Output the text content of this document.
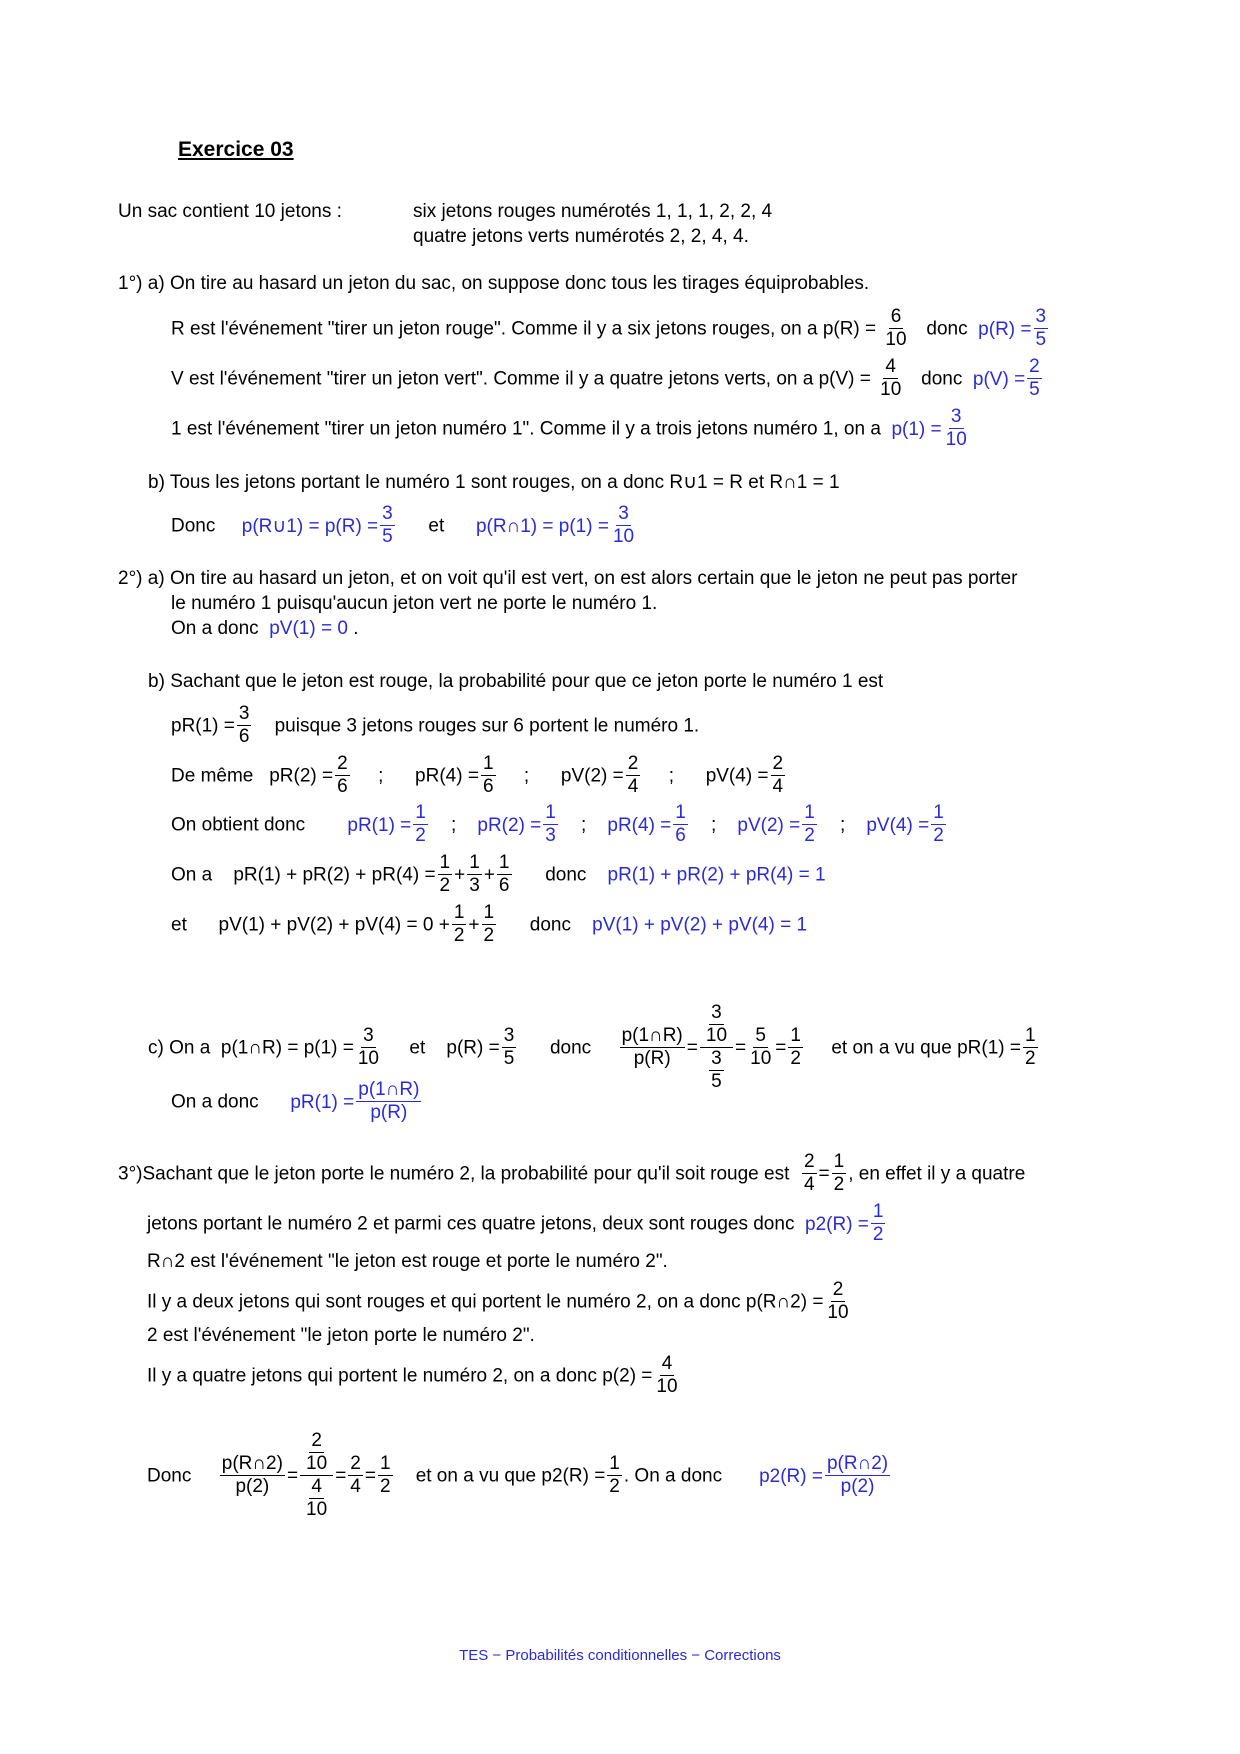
Exercice 03
Un sac contient 10 jetons :	six jetons rouges numérotés 1, 1, 1, 2, 2, 4
quatre jetons verts numérotés 2, 2, 4, 4.
1°) a) On tire au hasard un jeton du sac, on suppose donc tous les tirages équiprobables.
R est l'événement "tirer un jeton rouge". Comme il y a six jetons rouges, on a $p(R) = \frac{6}{10}$ donc $p(R) = \frac{3}{5}$
V est l'événement "tirer un jeton vert". Comme il y a quatre jetons verts, on a $p(V) = \frac{4}{10}$ donc $p(V) = \frac{2}{5}$
1 est l'événement "tirer un jeton numéro 1". Comme il y a trois jetons numéro 1, on a $p(1) = \frac{3}{10}$
b) Tous les jetons portant le numéro 1 sont rouges, on a donc R∪1 = R et R∩1 = 1
Donc p(R∪1) = $p(R) = \frac{3}{5}$ et p(R∩1) = $p(1) = \frac{3}{10}$
2°) a) On tire au hasard un jeton, et on voit qu'il est vert, on est alors certain que le jeton ne peut pas porter
le numéro 1 puisqu'aucun jeton vert ne porte le numéro 1.
On a donc pV(1) = 0 .
b) Sachant que le jeton est rouge, la probabilité pour que ce jeton porte le numéro 1 est
$pR(1) = \frac{3}{6}$ puisque 3 jetons rouges sur 6 portent le numéro 1.
De même $pR(2) = \frac{2}{6}$ ; $pR(4) = \frac{1}{6}$ ; $pV(2) = \frac{2}{4}$ ; $pV(4) = \frac{2}{4}$
On obtient donc $pR(1) = \frac{1}{2}$ ; $pR(2) = \frac{1}{3}$ ; $pR(4) = \frac{1}{6}$ ; $pV(2) = \frac{1}{2}$ ; $pV(4) = \frac{1}{2}$
On a $pR(1) + pR(2) + pR(4) = \frac{1}{2} + \frac{1}{3} + \frac{1}{6}$ donc pR(1) + pR(2) + pR(4) = 1
et $pV(1) + pV(2) + pV(4) = 0 + \frac{1}{2} + \frac{1}{2}$ donc pV(1) + pV(2) + pV(4) = 1
c) On a p(1∩R) = $p(1) = \frac{3}{10}$ et $p(R) = \frac{3}{5}$ donc $\frac{p(1\cap R)}{p(R)} = \frac{\frac{3}{10}}{\frac{3}{5}} = \frac{5}{10} = \frac{1}{2}$ et on a vu que $pR(1) = \frac{1}{2}$
On a donc $pR(1) = \frac{p(1\cap R)}{p(R)}$
3°)Sachant que le jeton porte le numéro 2, la probabilité pour qu'il soit rouge est $\frac{2}{4} = \frac{1}{2}$ , en effet il y a quatre
jetons portant le numéro 2 et parmi ces quatre jetons, deux sont rouges donc $p2(R) = \frac{1}{2}$
R∩2 est l'événement "le jeton est rouge et porte le numéro 2".
Il y a deux jetons qui sont rouges et qui portent le numéro 2, on a donc p(R∩2) = $\frac{2}{10}$
2 est l'événement "le jeton porte le numéro 2".
Il y a quatre jetons qui portent le numéro 2, on a donc $p(2) = \frac{4}{10}$
Donc $\frac{p(R\cap 2)}{p(2)} = \frac{\frac{2}{10}}{\frac{4}{10}} = \frac{2}{4} = \frac{1}{2}$ et on a vu que $p2(R) = \frac{1}{2}$ . On a donc $p2(R) = \frac{p(R\cap 2)}{p(2)}$
TES − Probabilités conditionnelles − Corrections
